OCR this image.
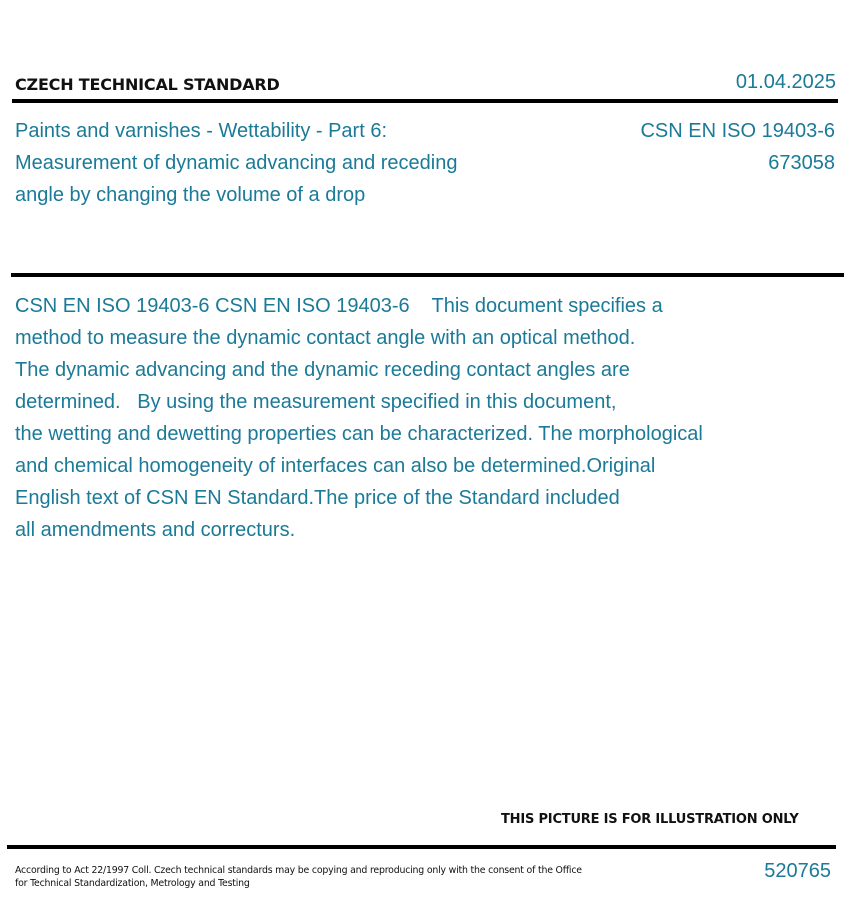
CZECH TECHNICAL STANDARD	01.04.2025
Paints and varnishes - Wettability - Part 6:
Measurement of dynamic advancing and receding
angle by changing the volume of a drop
CSN EN ISO 19403-6
673058
CSN EN ISO 19403-6 CSN EN ISO 19403-6    This document specifies a
method to measure the dynamic contact angle with an optical method.
The dynamic advancing and the dynamic receding contact angles are
determined.   By using the measurement specified in this document,
the wetting and dewetting properties can be characterized. The morphological
and chemical homogeneity of interfaces can also be determined.Original
English text of CSN EN Standard.The price of the Standard included
all amendments and correcturs.
THIS PICTURE IS FOR ILLUSTRATION ONLY
According to Act 22/1997 Coll. Czech technical standards may be copying and reproducing only with the consent of the Office
for Technical Standardization, Metrology and Testing
520765
